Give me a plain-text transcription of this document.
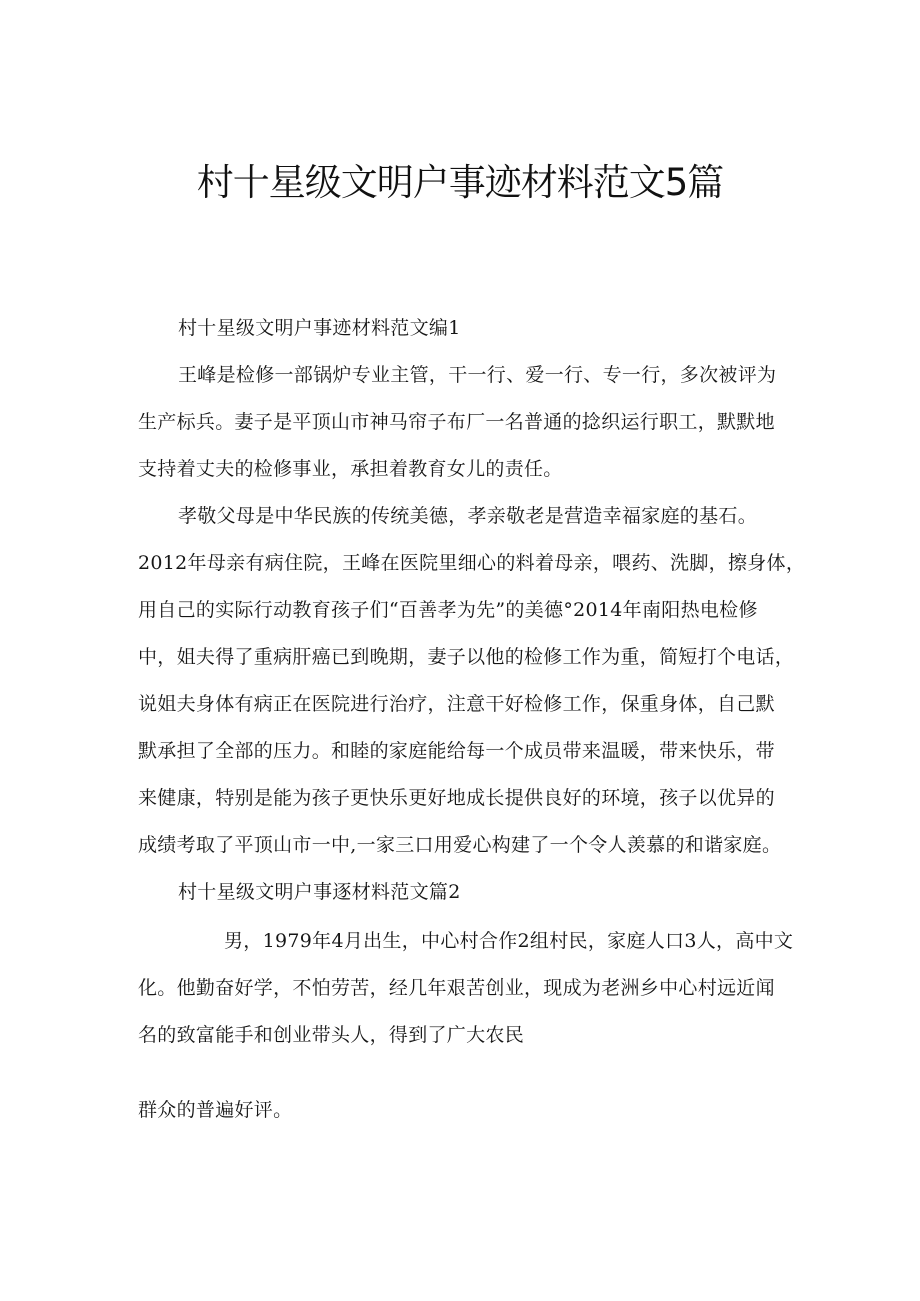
村十星级文明户事迹材料范文5篇
村十星级文明户事迹材料范文编1
王峰是检修一部锅炉专业主管，干一行、爱一行、专一行，多次被评为
生产标兵。妻子是平顶山市神马帘子布厂一名普通的捻织运行职工，默默地
支持着丈夫的检修事业，承担着教育女儿的责任。
孝敬父母是中华民族的传统美德，孝亲敬老是营造幸福家庭的基石。
2012年母亲有病住院，王峰在医院里细心的料着母亲，喂药、洗脚，擦身体，
用自己的实际行动教育孩子们“百善孝为先”的美德°2014年南阳热电检修
中，姐夫得了重病肝癌已到晚期，妻子以他的检修工作为重，简短打个电话，
说姐夫身体有病正在医院进行治疗，注意干好检修工作，保重身体，自己默
默承担了全部的压力。和睦的家庭能给每一个成员带来温暖，带来快乐，带
来健康，特别是能为孩子更快乐更好地成长提供良好的环境，孩子以优异的
成绩考取了平顶山市一中,一家三口用爱心构建了一个令人羡慕的和谐家庭。
村十星级文明户事逐材料范文篇2
男，1979年4月出生，中心村合作2组村民，家庭人口3人，高中文
化。他勤奋好学，不怕劳苦，经几年艰苦创业，现成为老洲乡中心村远近闻
名的致富能手和创业带头人，得到了广大农民
群众的普遍好评。
